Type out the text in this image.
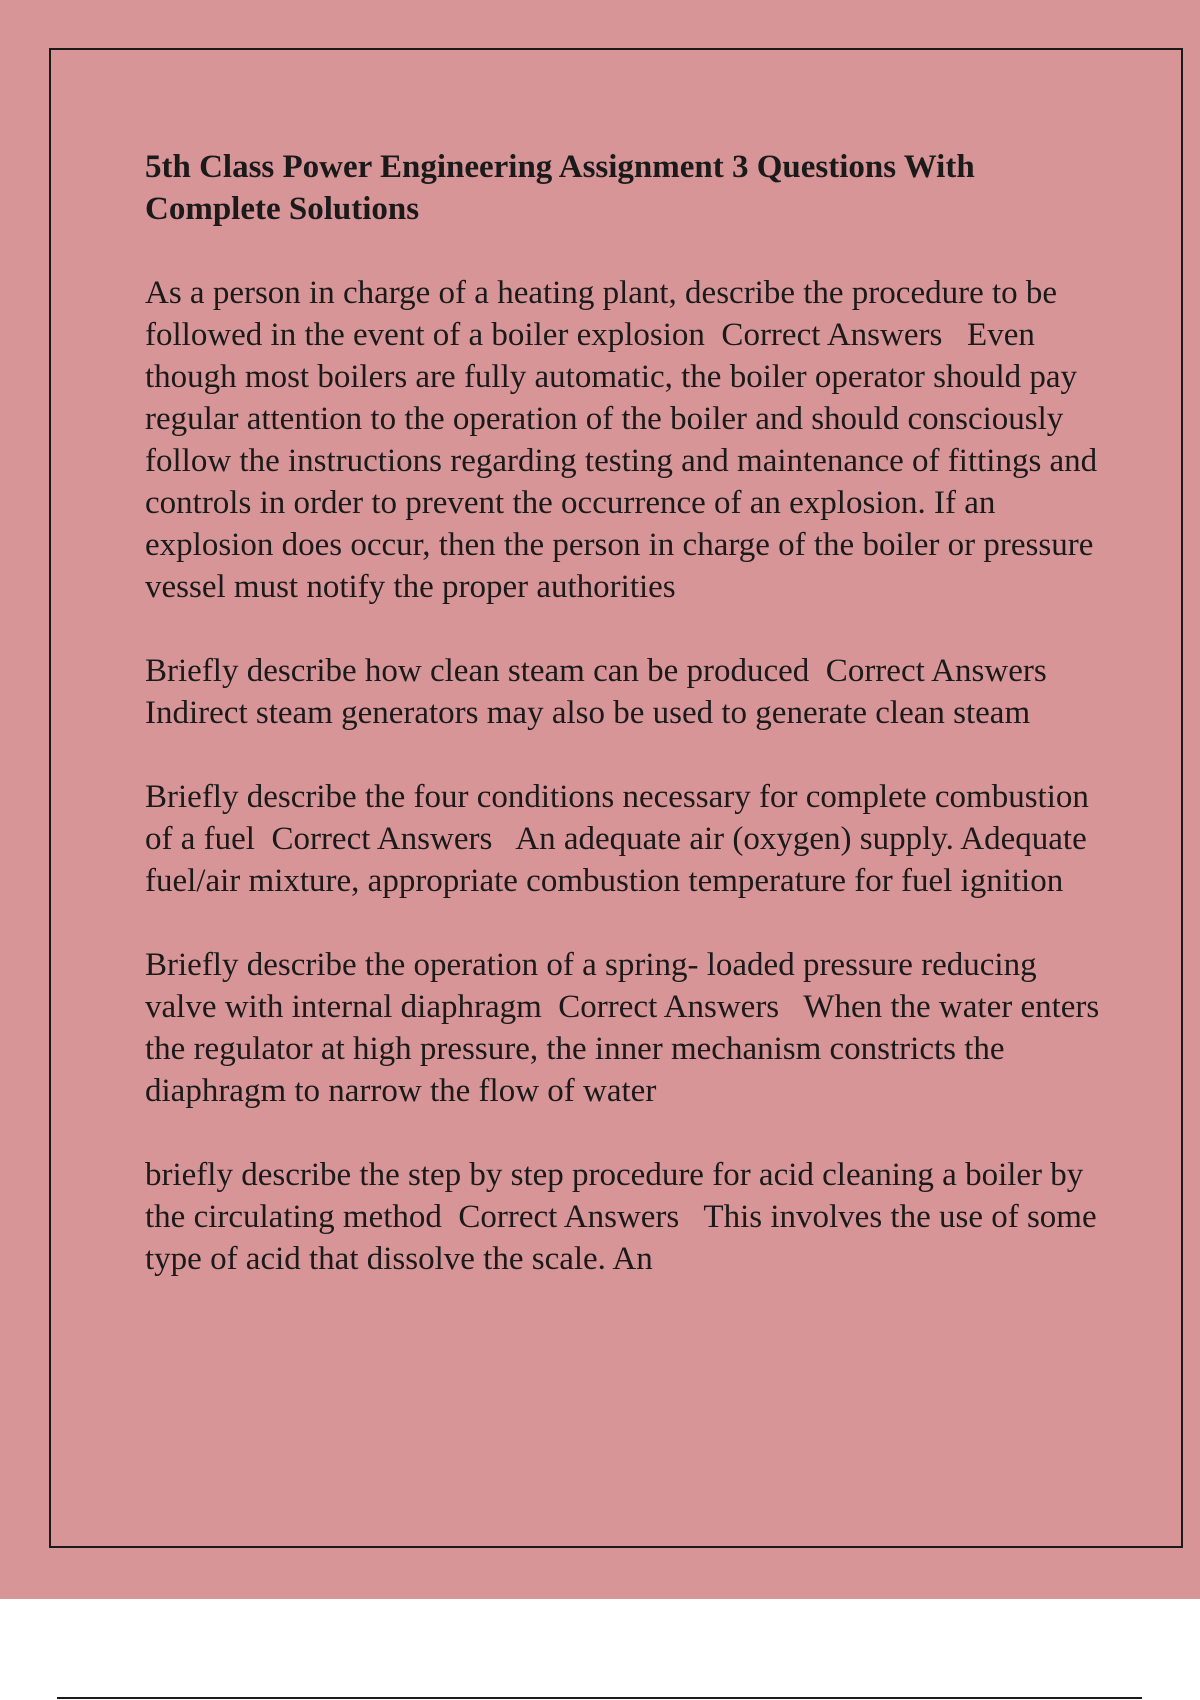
5th Class Power Engineering Assignment 3 Questions With Complete Solutions
As a person in charge of a heating plant, describe the procedure to be followed in the event of a boiler explosion  Correct Answers   Even though most boilers are fully automatic, the boiler operator should pay regular attention to the operation of the boiler and should consciously follow the instructions regarding testing and maintenance of fittings and controls in order to prevent the occurrence of an explosion. If an explosion does occur, then the person in charge of the boiler or pressure vessel must notify the proper authorities
Briefly describe how clean steam can be produced  Correct Answers   Indirect steam generators may also be used to generate clean steam
Briefly describe the four conditions necessary for complete combustion of a fuel  Correct Answers   An adequate air (oxygen) supply. Adequate fuel/air mixture, appropriate combustion temperature for fuel ignition
Briefly describe the operation of a spring- loaded pressure reducing valve with internal diaphragm  Correct Answers   When the water enters the regulator at high pressure, the inner mechanism constricts the diaphragm to narrow the flow of water
briefly describe the step by step procedure for acid cleaning a boiler by the circulating method  Correct Answers   This involves the use of some type of acid that dissolve the scale. An
